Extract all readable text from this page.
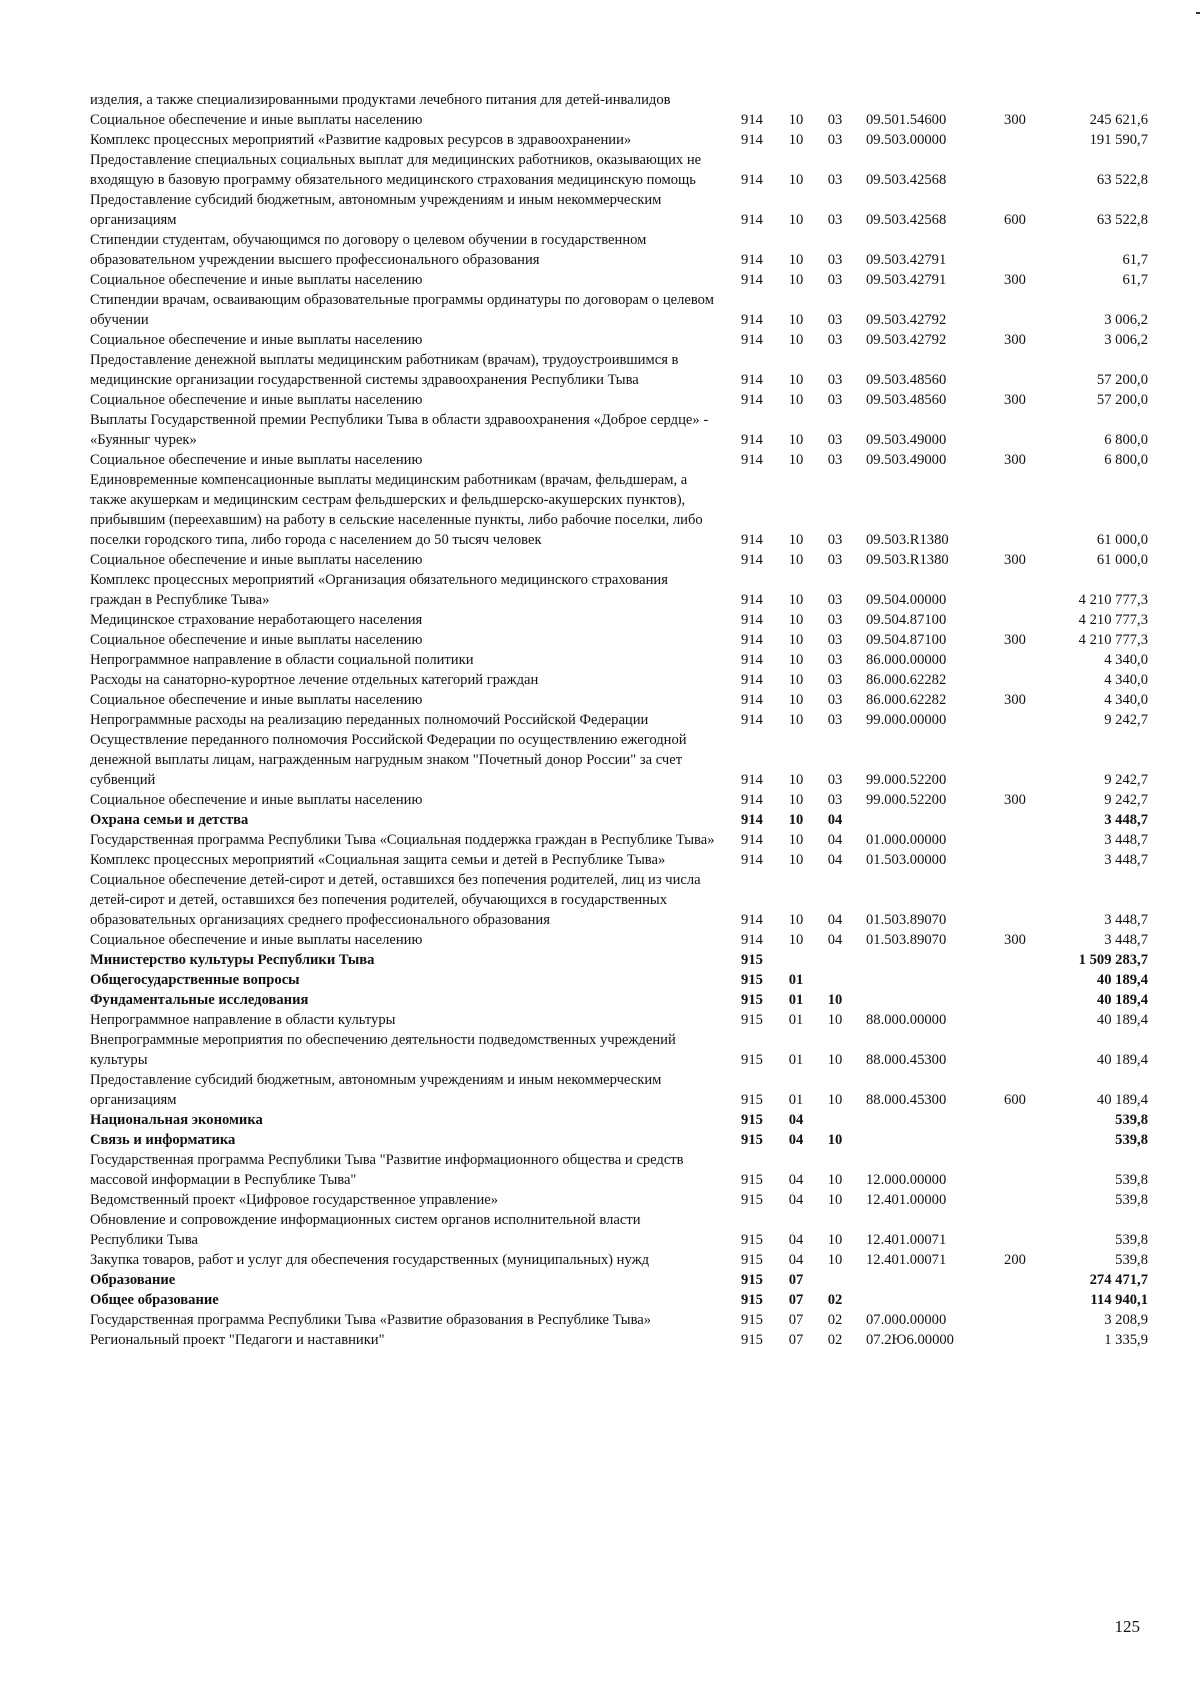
изделия, а также специализированными продуктами лечебного питания для детей-инвалидов						
Социальное обеспечение и иные выплаты населению	914	10	03	09.501.54600	300	245 621,6
Комплекс процессных мероприятий «Развитие кадровых ресурсов в здравоохранении»	914	10	03	09.503.00000		191 590,7
Предоставление специальных социальных выплат для медицинских работников, оказывающих не входящую в базовую программу обязательного медицинского страхования медицинскую помощь	914	10	03	09.503.42568		63 522,8
Предоставление субсидий бюджетным, автономным учреждениям и иным некоммерческим организациям	914	10	03	09.503.42568	600	63 522,8
Стипендии студентам, обучающимся по договору о целевом обучении в государственном образовательном учреждении высшего профессионального образования	914	10	03	09.503.42791		61,7
Социальное обеспечение и иные выплаты населению	914	10	03	09.503.42791	300	61,7
Стипендии врачам, осваивающим образовательные программы ординатуры по договорам о целевом обучении	914	10	03	09.503.42792		3 006,2
Социальное обеспечение и иные выплаты населению	914	10	03	09.503.42792	300	3 006,2
Предоставление денежной выплаты медицинским работникам (врачам), трудоустроившимся в медицинские организации государственной системы здравоохранения Республики Тыва	914	10	03	09.503.48560		57 200,0
Социальное обеспечение и иные выплаты населению	914	10	03	09.503.48560	300	57 200,0
Выплаты Государственной премии Республики Тыва в области здравоохранения «Доброе сердце» - «Буянныг чурек»	914	10	03	09.503.49000		6 800,0
Социальное обеспечение и иные выплаты населению	914	10	03	09.503.49000	300	6 800,0
Единовременные компенсационные выплаты медицинским работникам (врачам, фельдшерам, а также акушеркам и медицинским сестрам фельдшерских и фельдшерско-акушерских пунктов), прибывшим (переехавшим) на работу в сельские населенные пункты, либо рабочие поселки, либо поселки городского типа, либо города с населением до 50 тысяч человек	914	10	03	09.503.R1380		61 000,0
Социальное обеспечение и иные выплаты населению	914	10	03	09.503.R1380	300	61 000,0
Комплекс процессных мероприятий «Организация обязательного медицинского страхования граждан в Республике Тыва»	914	10	03	09.504.00000		4 210 777,3
Медицинское страхование неработающего населения	914	10	03	09.504.87100		4 210 777,3
Социальное обеспечение и иные выплаты населению	914	10	03	09.504.87100	300	4 210 777,3
Непрограммное направление в области социальной политики	914	10	03	86.000.00000		4 340,0
Расходы на санаторно-курортное лечение отдельных категорий граждан	914	10	03	86.000.62282		4 340,0
Социальное обеспечение и иные выплаты населению	914	10	03	86.000.62282	300	4 340,0
Непрограммные расходы на реализацию переданных полномочий Российской Федерации	914	10	03	99.000.00000		9 242,7
Осуществление переданного полномочия Российской Федерации по осуществлению ежегодной денежной выплаты лицам, награжденным нагрудным знаком "Почетный донор России" за счет субвенций	914	10	03	99.000.52200		9 242,7
Социальное обеспечение и иные выплаты населению	914	10	03	99.000.52200	300	9 242,7
Охрана семьи и детства	914	10	04			3 448,7
Государственная программа Республики Тыва «Социальная поддержка граждан в Республике Тыва»	914	10	04	01.000.00000		3 448,7
Комплекс процессных мероприятий «Социальная защита семьи и детей в Республике Тыва»	914	10	04	01.503.00000		3 448,7
Социальное обеспечение детей-сирот и детей, оставшихся без попечения родителей, лиц из числа детей-сирот и детей, оставшихся без попечения родителей, обучающихся в государственных образовательных организациях среднего профессионального образования	914	10	04	01.503.89070		3 448,7
Социальное обеспечение и иные выплаты населению	914	10	04	01.503.89070	300	3 448,7
Министерство культуры Республики Тыва	915					1 509 283,7
Общегосударственные вопросы	915	01				40 189,4
Фундаментальные исследования	915	01	10			40 189,4
Непрограммное направление в области культуры	915	01	10	88.000.00000		40 189,4
Внепрограммные мероприятия по обеспечению деятельности подведомственных учреждений культуры	915	01	10	88.000.45300		40 189,4
Предоставление субсидий бюджетным, автономным учреждениям и иным некоммерческим организациям	915	01	10	88.000.45300	600	40 189,4
Национальная экономика	915	04				539,8
Связь и информатика	915	04	10			539,8
Государственная программа Республики Тыва "Развитие информационного общества и средств массовой информации в Республике Тыва"	915	04	10	12.000.00000		539,8
Ведомственный проект «Цифровое государственное управление»	915	04	10	12.401.00000		539,8
Обновление и сопровождение информационных систем органов исполнительной власти Республики Тыва	915	04	10	12.401.00071		539,8
Закупка товаров, работ и услуг для обеспечения государственных (муниципальных) нужд	915	04	10	12.401.00071	200	539,8
Образование	915	07				274 471,7
Общее образование	915	07	02			114 940,1
Государственная программа Республики Тыва «Развитие образования в Республике Тыва»	915	07	02	07.000.00000		3 208,9
Региональный проект "Педагоги и наставники"	915	07	02	07.2Ю6.00000		1 335,9
125
